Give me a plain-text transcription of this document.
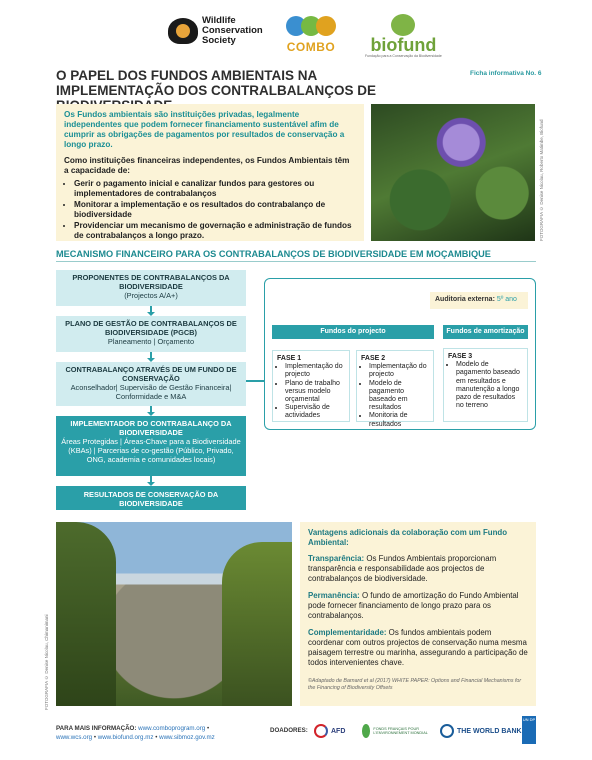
Wildlife
Conservation
Society	COMBO	biofund
Fundação para a Conservação da Biodiversidade
O PAPEL DOS FUNDOS AMBIENTAIS NA IMPLEMENTAÇÃO DOS CONTRALBALANÇOS DE
Ficha informativa No. 6
Os Fundos ambientais são instituições privadas, legalmente independentes que podem fornecer financiamento sustentável afim de cumprir as obrigações de pagamentos por resultados de conservação a longo prazo.
Como instituições financeiras independentes, os Fundos Ambientais têm a capacidade de:
• Gerir o pagamento inicial e canalizar fundos para gestores ou implementadores de contrabalanços
• Monitorar a implementação e os resultados do contrabalanço de biodiversidade
• Providenciar um mecanismo de governação e administração de fundos de contrabalanços a longo prazo.	FOTOGRAFIA © Denise Nicolau, Roberto Matimbe, Biofund
MECANISMO FINANCEIRO PARA OS CONTRABALANÇOS DE BIODIVERSIDADE EM MOÇAMBIQUE
PROPONENTES DE CONTRABALANÇOS DA BIODIVERSIDADE
(Projectos A/A+)
PLANO DE GESTÃO DE CONTRABALANÇOS DE BIODIVERSIDADE (PGCB)
Planeamento | Orçamento
CONTRABALANÇO ATRAVÉS DE UM FUNDO DE CONSERVAÇÃO
Aconselhador| Supervisão de Gestão Financeira| Conformidade e M&A
IMPLEMENTADOR DO CONTRABALANÇO DA BIODIVERSIDADE
Áreas Protegidas | Áreas-Chave para a Biodiversidade (KBAs) | Parcerias de co-gestão (Público, Privado, ONG, academia e comunidades locais)
RESULTADOS DE CONSERVAÇÃO DA BIODIVERSIDADE
Auditoria externa: 5º ano
Fundos do projecto	Fundos de amortização
FASE 1
• Implementação do projecto
• Plano de trabalho versus modelo orçamental
• Supervisão de actividades
FASE 2
• Implementação do projecto
• Modelo de pagamento baseado em resultados
• Monitoria de resultados
FASE 3
• Modelo de pagamento baseado em resultados e manutenção a longo pazo de resultados no terreno
FOTOGRAFIA © Denise Nicolau, Chimanimani
Vantagens adicionais da colaboração com um Fundo Ambiental:

Transparência: Os Fundos Ambientais proporcionam transparência e responsabilidade aos projectos de contrabalanços de biodiversidade.

Permanência: O fundo de amortização do Fundo Ambiental pode fornecer financiamento de longo prazo para os contrabalanços.

Complementaridade: Os fundos ambientais podem coordenar com outros projectos de conservação numa mesma paisagem terrestre ou marinha, assegurando a participação de todos intervenientes chave.

©Adaptado de Barnard et al (2017) WHITE PAPER: Options and Financial Mechanisms for the Financing of Biodiversity Offsets
PARA MAIS INFORMAÇÃO: www.comboprogram.org •
www.wcs.org • www.biofund.org.mz • www.sibmoz.gov.mz
DOADORES:	AFD	FONDS FRANÇAIS POUR L'ENVIRONNEMENT MONDIAL	THE WORLD BANK
UN DP
